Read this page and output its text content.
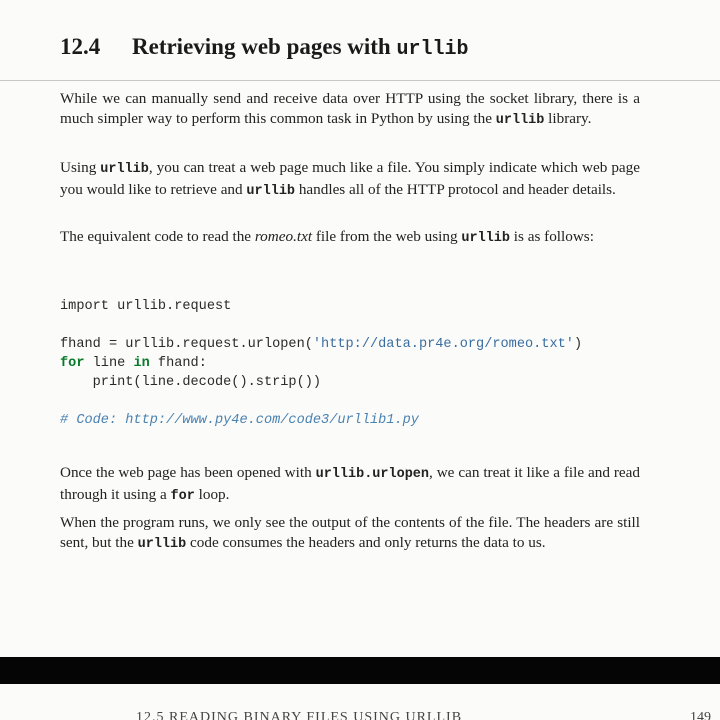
12.4 Retrieving web pages with urllib

While we can manually send and receive data over HTTP using the socket library, there is a much simpler way to perform this common task in Python by using the urllib library.

Using urllib, you can treat a web page much like a file. You simply indicate which web page you would like to retrieve and urllib handles all of the HTTP protocol and header details.

The equivalent code to read the romeo.txt file from the web using urllib is as follows:

import urllib.request

fhand = urllib.request.urlopen('http://data.pr4e.org/romeo.txt')
for line in fhand:
print(line.decode().strip())

# Code: http://www.py4e.com/code3/urllib1.py

Once the web page has been opened with urllib.urlopen, we can treat it like a file and read through it using a for loop.

When the program runs, we only see the output of the contents of the file. The headers are still sent, but the urllib code consumes the headers and only returns the data to us.

12.5 READING BINARY FILES USING URLLIB	149
